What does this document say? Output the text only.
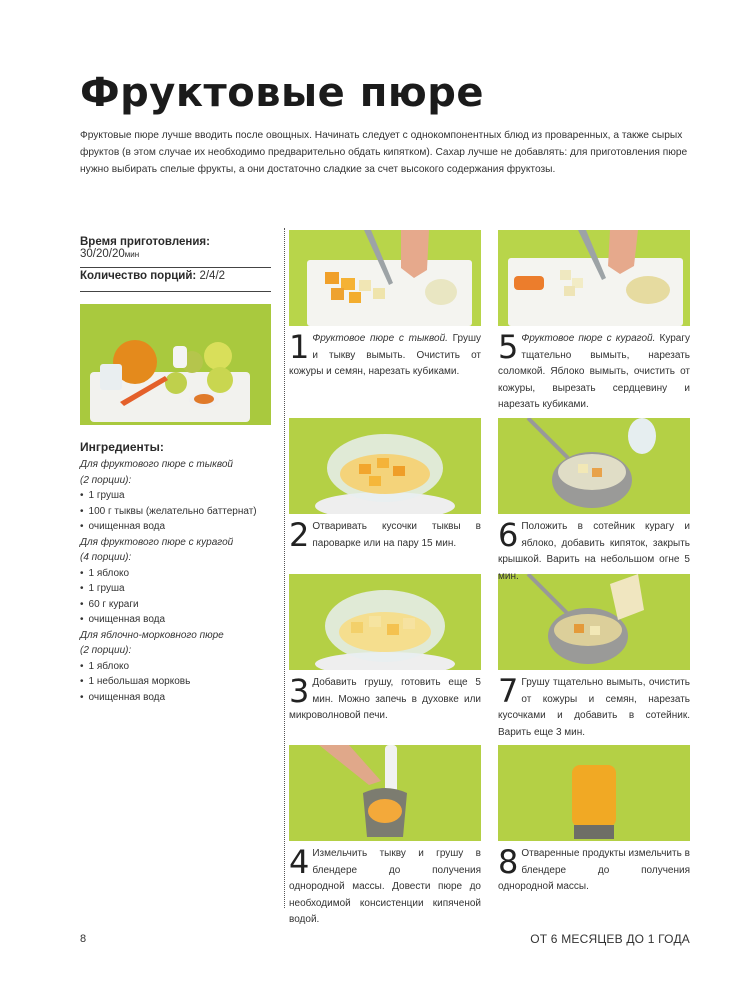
Фруктовые пюре

Фруктовые пюре лучше вводить после овощных. Начинать следует с однокомпонентных блюд из проваренных, а также сырых фруктов (в этом случае их необходимо предварительно обдать кипятком). Сахар лучше не добавлять: для приготовления пюре нужно выбирать спелые фрукты, а они достаточно сладкие за счет высокого содержания фруктозы.

Время приготовления: 30/20/20мин
Количество порций: 2/4/2
Ингредиенты:
Для фруктового пюре с тыквой
(2 порции):
• 1 груша
• 100 г тыквы (желательно баттернат)
• очищенная вода
Для фруктового пюре с курагой
(4 порции):
• 1 яблоко
• 1 груша
• 60 г кураги
• очищенная вода
Для яблочно-морковного пюре
(2 порции):
• 1 яблоко
• 1 небольшая морковь
• очищенная вода
1 Фруктовое пюре с тыквой. Грушу и тыкву вымыть. Очистить от кожуры и семян, нарезать кубиками.
2 Отваривать кусочки тыквы в пароварке или на пару 15 мин.
3 Добавить грушу, готовить еще 5 мин. Можно запечь в духовке или микроволновой печи.
4 Измельчить тыкву и грушу в блендере до получения однородной массы. Довести пюре до необходимой консистенции кипяченой водой.
5 Фруктовое пюре с курагой. Курагу тщательно вымыть, нарезать соломкой. Яблоко вымыть, очистить от кожуры, вырезать сердцевину и нарезать кубиками.
6 Положить в сотейник курагу и яблоко, добавить кипяток, закрыть крышкой. Варить на небольшом огне 5 мин.
7 Грушу тщательно вымыть, очистить от кожуры и семян, нарезать кусочками и добавить в сотейник. Варить еще 3 мин.
8 Отваренные продукты измельчить в блендере до получения однородной массы.
8	ОТ 6 МЕСЯЦЕВ ДО 1 ГОДА
